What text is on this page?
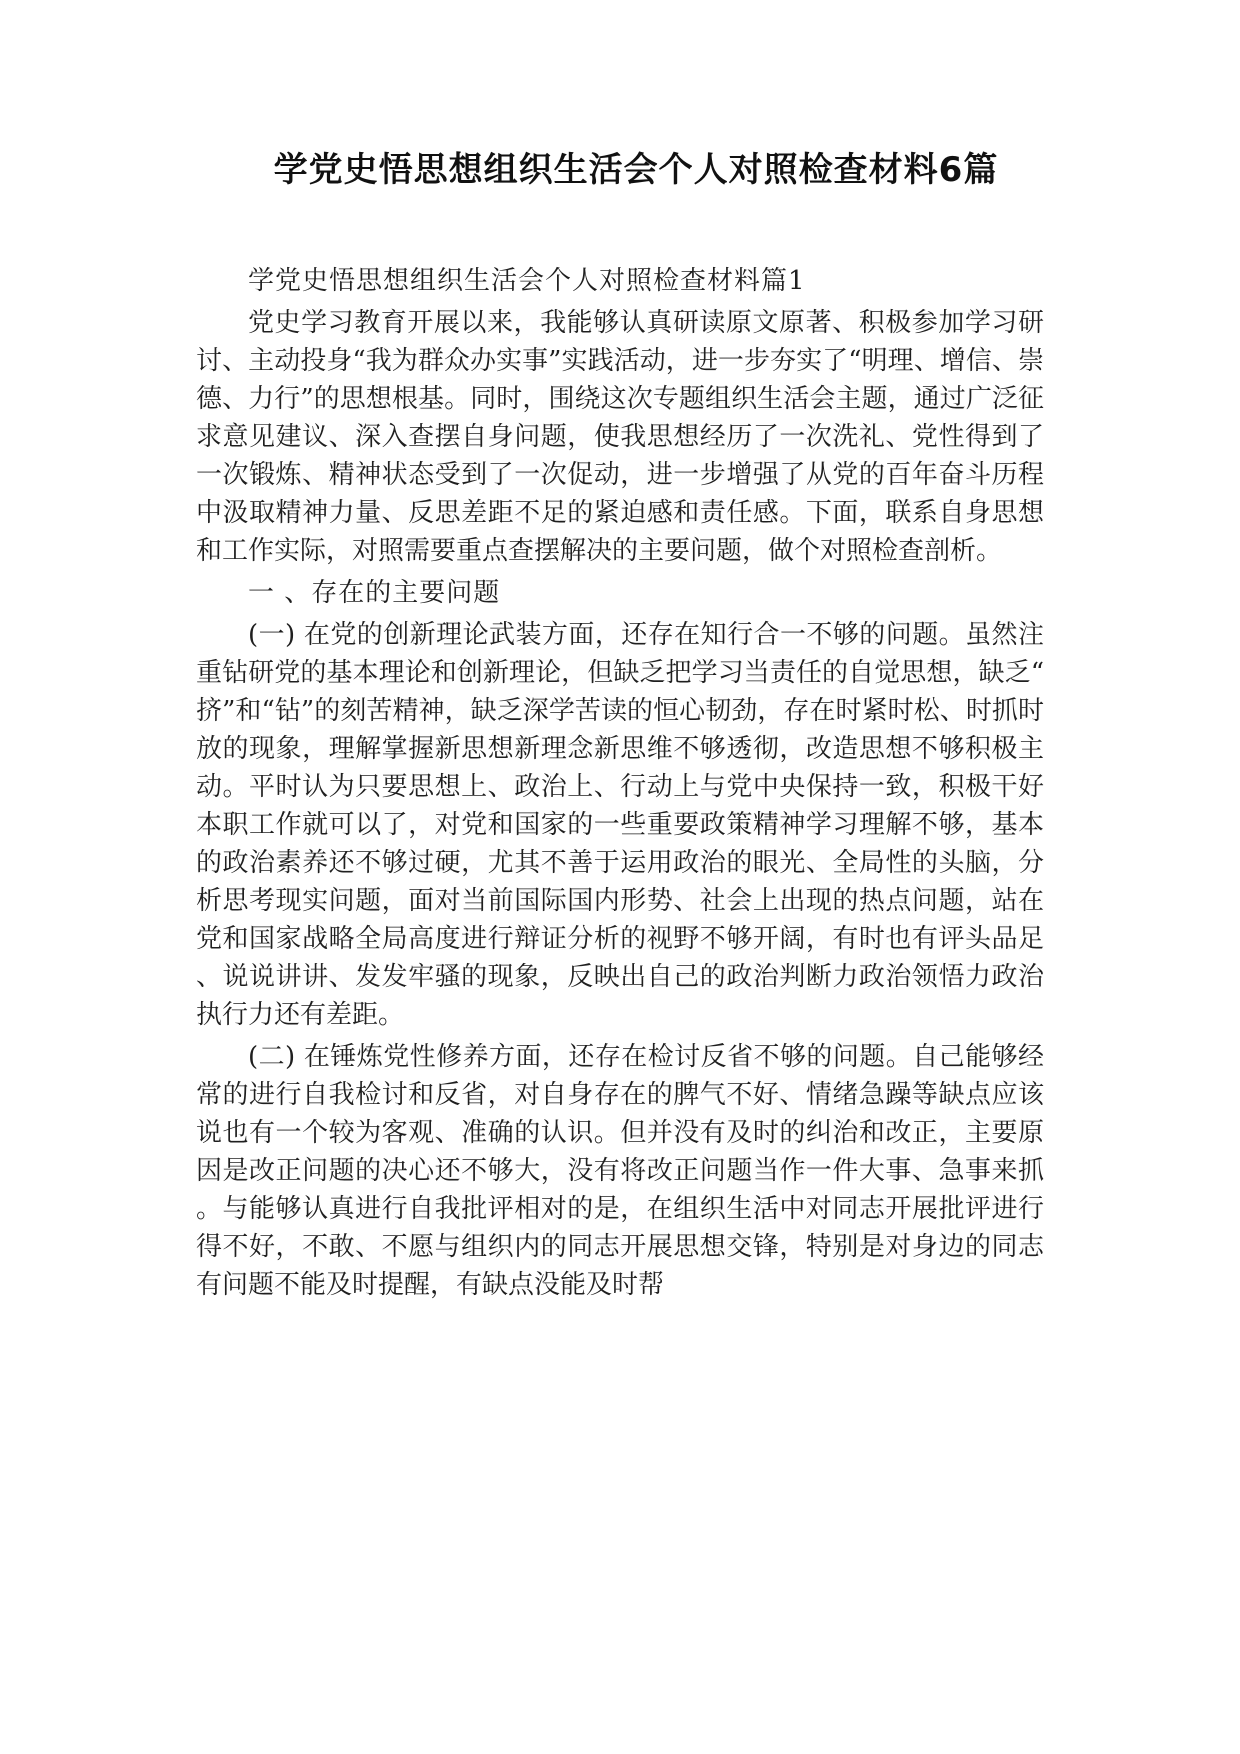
学党史悟思想组织生活会个人对照检查材料6篇

学党史悟思想组织生活会个人对照检查材料篇1

党史学习教育开展以来，我能够认真研读原文原著、积极参加学习研讨、主动投身“我为群众办实事”实践活动，进一步夯实了“明理、增信、崇德、力行”的思想根基。同时，围绕这次专题组织生活会主题，通过广泛征求意见建议、深入查摆自身问题，使我思想经历了一次洗礼、党性得到了一次锻炼、精神状态受到了一次促动，进一步增强了从党的百年奋斗历程中汲取精神力量、反思差距不足的紧迫感和责任感。下面，联系自身思想和工作实际，对照需要重点查摆解决的主要问题，做个对照检查剖析。

一 、存在的主要问题

(一) 在党的创新理论武装方面，还存在知行合一不够的问题。虽然注重钻研党的基本理论和创新理论，但缺乏把学习当责任的自觉思想，缺乏“挤”和“钻”的刻苦精神，缺乏深学苦读的恒心韧劲，存在时紧时松、时抓时放的现象，理解掌握新思想新理念新思维不够透彻，改造思想不够积极主动。平时认为只要思想上、政治上、行动上与党中央保持一致，积极干好本职工作就可以了，对党和国家的一些重要政策精神学习理解不够，基本的政治素养还不够过硬，尤其不善于运用政治的眼光、全局性的头脑，分析思考现实问题，面对当前国际国内形势、社会上出现的热点问题，站在党和国家战略全局高度进行辩证分析的视野不够开阔，有时也有评头品足、说说讲讲、发发牢骚的现象，反映出自己的政治判断力政治领悟力政治执行力还有差距。

(二) 在锤炼党性修养方面，还存在检讨反省不够的问题。自己能够经常的进行自我检讨和反省，对自身存在的脾气不好、情绪急躁等缺点应该说也有一个较为客观、准确的认识。但并没有及时的纠治和改正，主要原因是改正问题的决心还不够大，没有将改正问题当作一件大事、急事来抓。与能够认真进行自我批评相对的是，在组织生活中对同志开展批评进行得不好，不敢、不愿与组织内的同志开展思想交锋，特别是对身边的同志有问题不能及时提醒，有缺点没能及时帮
